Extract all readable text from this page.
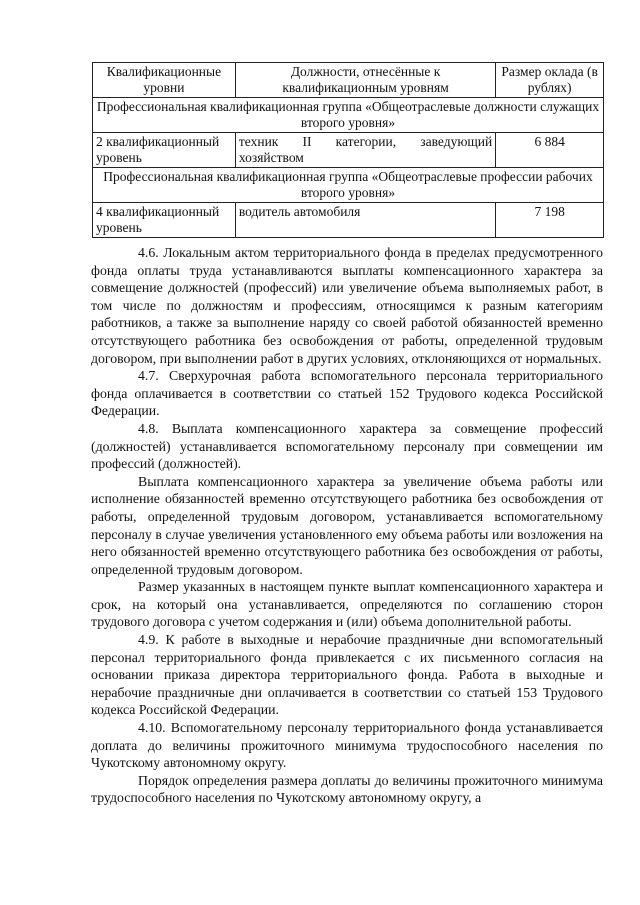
Квалификационные уровни	Должности, отнесённые к квалификационным уровням	Размер оклада (в рублях)
Профессиональная квалификационная группа «Общеотраслевые должности служащих второго уровня»		
2 квалификационный уровень	техник II категории, заведующий хозяйством	6 884
Профессиональная квалификационная группа «Общеотраслевые профессии рабочих второго уровня»		
4 квалификационный уровень	водитель автомобиля	7 198

4.6. Локальным актом территориального фонда в пределах предусмотренного фонда оплаты труда устанавливаются выплаты компенсационного характера за совмещение должностей (профессий) или увеличение объема выполняемых работ, в том числе по должностям и профессиям, относящимся к разным категориям работников, а также за выполнение наряду со своей работой обязанностей временно отсутствующего работника без освобождения от работы, определенной трудовым договором, при выполнении работ в других условиях, отклоняющихся от нормальных.

4.7. Сверхурочная работа вспомогательного персонала территориального фонда оплачивается в соответствии со статьей 152 Трудового кодекса Российской Федерации.

4.8. Выплата компенсационного характера за совмещение профессий (должностей) устанавливается вспомогательному персоналу при совмещении им профессий (должностей).

Выплата компенсационного характера за увеличение объема работы или исполнение обязанностей временно отсутствующего работника без освобождения от работы, определенной трудовым договором, устанавливается вспомогательному персоналу в случае увеличения установленного ему объема работы или возложения на него обязанностей временно отсутствующего работника без освобождения от работы, определенной трудовым договором.

Размер указанных в настоящем пункте выплат компенсационного характера и срок, на который она устанавливается, определяются по соглашению сторон трудового договора с учетом содержания и (или) объема дополнительной работы.

4.9. К работе в выходные и нерабочие праздничные дни вспомогательный персонал территориального фонда привлекается с их письменного согласия на основании приказа директора территориального фонда. Работа в выходные и нерабочие праздничные дни оплачивается в соответствии со статьей 153 Трудового кодекса Российской Федерации.

4.10. Вспомогательному персоналу территориального фонда устанавливается доплата до величины прожиточного минимума трудоспособного населения по Чукотскому автономному округу.

Порядок определения размера доплаты до величины прожиточного минимума трудоспособного населения по Чукотскому автономному округу, а
